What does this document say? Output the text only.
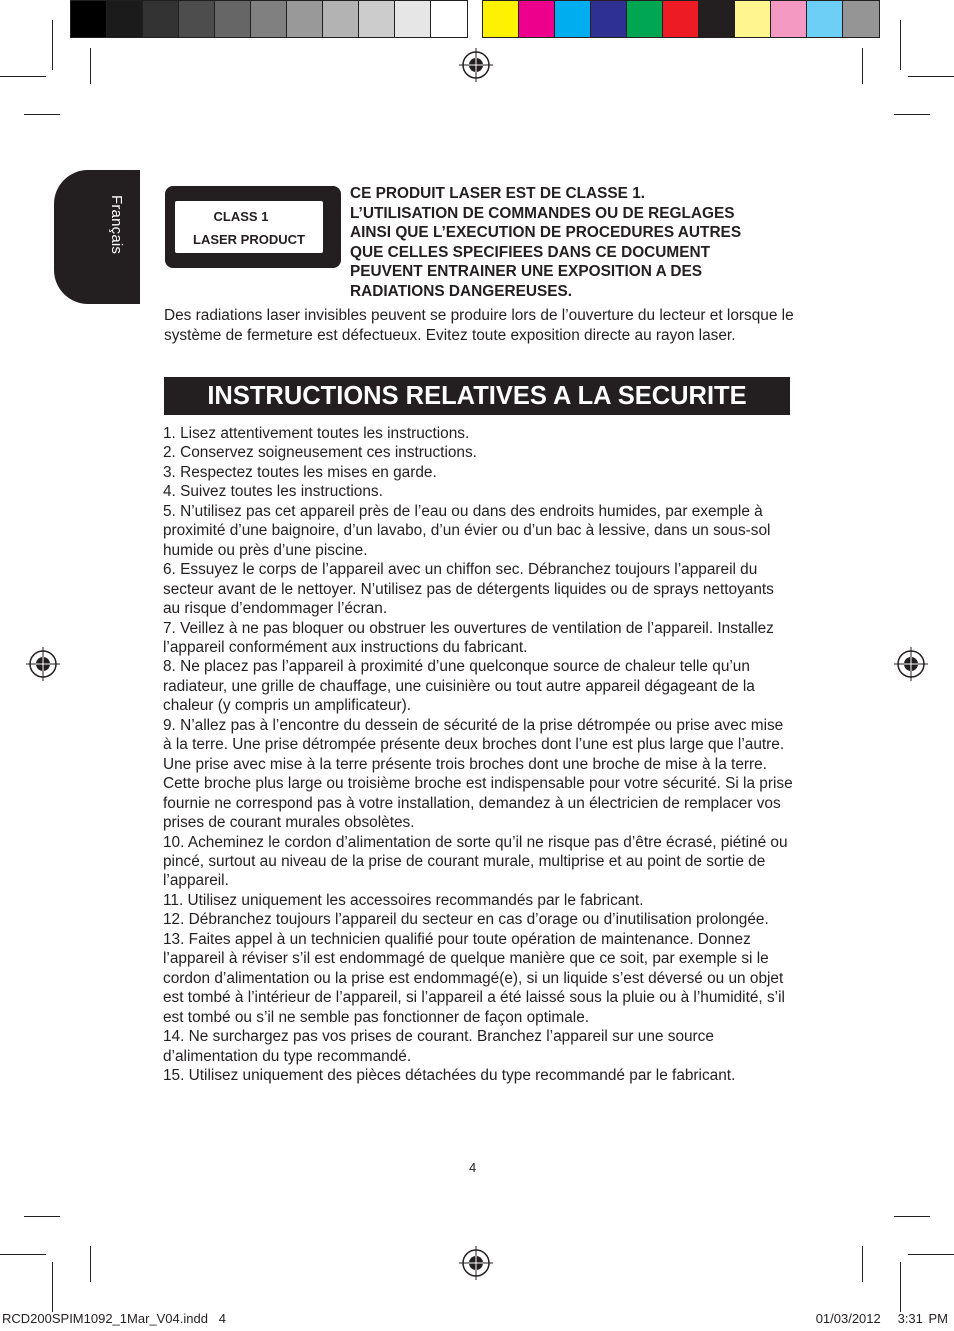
Français	CLASS 1
LASER PRODUCT
CE PRODUIT LASER EST DE CLASSE 1.
L’UTILISATION DE COMMANDES OU DE REGLAGES
AINSI QUE L’EXECUTION DE PROCEDURES AUTRES
QUE CELLES SPECIFIEES DANS CE DOCUMENT
PEUVENT ENTRAINER UNE EXPOSITION A DES
RADIATIONS DANGEREUSES.

Des radiations laser invisibles peuvent se produire lors de l’ouverture du lecteur et lorsque le système de fermeture est défectueux. Evitez toute exposition directe au rayon laser.

INSTRUCTIONS RELATIVES A LA SECURITE
1. Lisez attentivement toutes les instructions.
2. Conservez soigneusement ces instructions.
3. Respectez toutes les mises en garde.
4. Suivez toutes les instructions.
5. N’utilisez pas cet appareil près de l’eau ou dans des endroits humides, par exemple à proximité d’une baignoire, d’un lavabo, d’un évier ou d’un bac à lessive, dans un sous-sol humide ou près d’une piscine.
6. Essuyez le corps de l’appareil avec un chiffon sec. Débranchez toujours l’appareil du secteur avant de le nettoyer. N’utilisez pas de détergents liquides ou de sprays nettoyants au risque d’endommager l’écran.
7. Veillez à ne pas bloquer ou obstruer les ouvertures de ventilation de l’appareil. Installez l’appareil conformément aux instructions du fabricant.
8. Ne placez pas l’appareil à proximité d’une quelconque source de chaleur telle qu’un radiateur, une grille de chauffage, une cuisinière ou tout autre appareil dégageant de la chaleur (y compris un amplificateur).
9. N’allez pas à l’encontre du dessein de sécurité de la prise détrompée ou prise avec mise à la terre. Une prise détrompée présente deux broches dont l’une est plus large que l’autre. Une prise avec mise à la terre présente trois broches dont une broche de mise à la terre. Cette broche plus large ou troisième broche est indispensable pour votre sécurité. Si la prise fournie ne correspond pas à votre installation, demandez à un électricien de remplacer vos prises de courant murales obsolètes.
10. Acheminez le cordon d’alimentation de sorte qu’il ne risque pas d’être écrasé, piétiné ou pincé, surtout au niveau de la prise de courant murale, multiprise et au point de sortie de l’appareil.
11. Utilisez uniquement les accessoires recommandés par le fabricant.
12. Débranchez toujours l’appareil du secteur en cas d’orage ou d’inutilisation prolongée.
13. Faites appel à un technicien qualifié pour toute opération de maintenance. Donnez l’appareil à réviser s’il est endommagé de quelque manière que ce soit, par exemple si le cordon d’alimentation ou la prise est endommagé(e), si un liquide s’est déversé ou un objet est tombé à l’intérieur de l’appareil, si l’appareil a été laissé sous la pluie ou à l’humidité, s’il est tombé ou s’il ne semble pas fonctionner de façon optimale.
14. Ne surchargez pas vos prises de courant. Branchez l’appareil sur une source d’alimentation du type recommandé.
15. Utilisez uniquement des pièces détachées du type recommandé par le fabricant.
4
RCD200SPIM1092_1Mar_V04.indd   4	01/03/2012   3:31 PM
